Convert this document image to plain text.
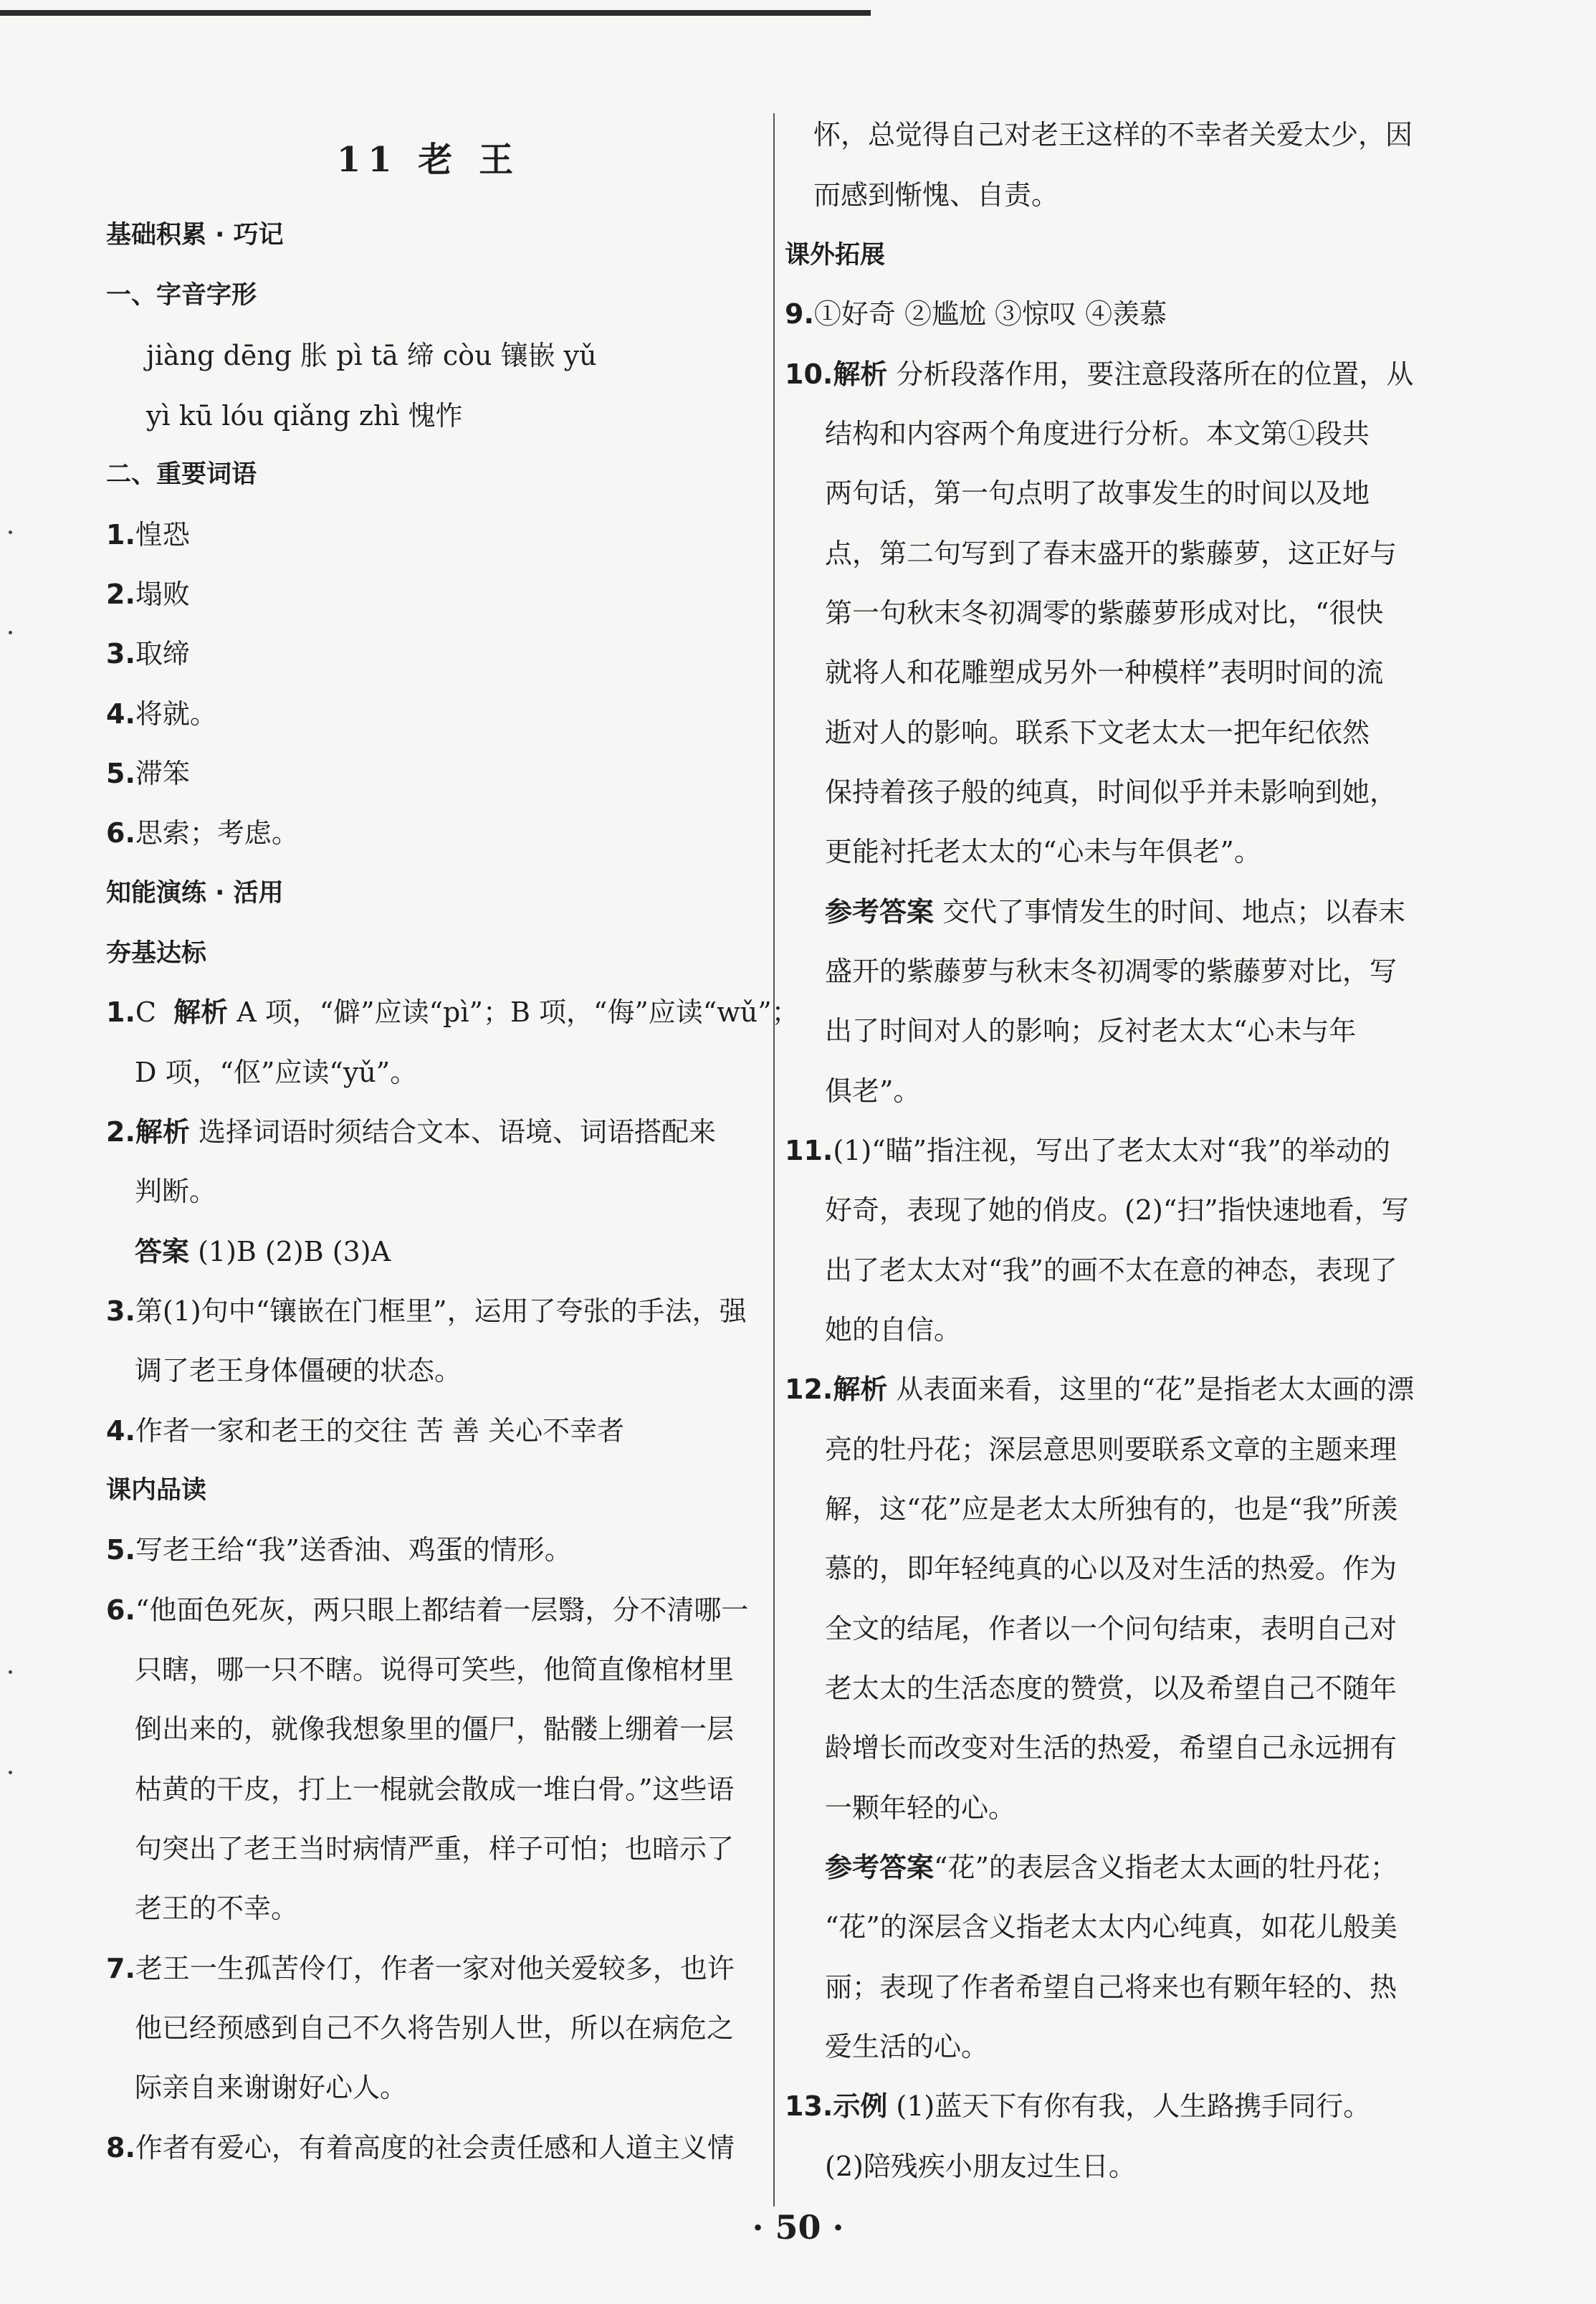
11 老 王
基础积累 · 巧记
一、字音字形
jiàng dēng 胀 pì tā 缔 còu 镶嵌 yǔ
yì kū lóu qiǎng zhì 愧怍
二、重要词语
1.惶恐
2.塌败
3.取缔
4.将就。
5.滞笨
6.思索；考虑。
知能演练 · 活用
夯基达标
1.C 解析 A 项，“僻”应读“pì”；B 项，“侮”应读“wǔ”；
D 项，“伛”应读“yǔ”。
2.解析 选择词语时须结合文本、语境、词语搭配来
判断。
答案 (1)B (2)B (3)A
3.第(1)句中“镶嵌在门框里”，运用了夸张的手法，强
调了老王身体僵硬的状态。
4.作者一家和老王的交往 苦 善 关心不幸者
课内品读
5.写老王给“我”送香油、鸡蛋的情形。
6.“他面色死灰，两只眼上都结着一层翳，分不清哪一
只瞎，哪一只不瞎。说得可笑些，他简直像棺材里
倒出来的，就像我想象里的僵尸，骷髅上绷着一层
枯黄的干皮，打上一棍就会散成一堆白骨。”这些语
句突出了老王当时病情严重，样子可怕；也暗示了
老王的不幸。
7.老王一生孤苦伶仃，作者一家对他关爱较多，也许
他已经预感到自己不久将告别人世，所以在病危之
际亲自来谢谢好心人。
8.作者有爱心，有着高度的社会责任感和人道主义情
怀，总觉得自己对老王这样的不幸者关爱太少，因
而感到惭愧、自责。
课外拓展
9.①好奇 ②尴尬 ③惊叹 ④羡慕
10.解析 分析段落作用，要注意段落所在的位置，从
结构和内容两个角度进行分析。本文第①段共
两句话，第一句点明了故事发生的时间以及地
点，第二句写到了春末盛开的紫藤萝，这正好与
第一句秋末冬初凋零的紫藤萝形成对比，“很快
就将人和花雕塑成另外一种模样”表明时间的流
逝对人的影响。联系下文老太太一把年纪依然
保持着孩子般的纯真，时间似乎并未影响到她，
更能衬托老太太的“心未与年俱老”。
参考答案 交代了事情发生的时间、地点；以春末
盛开的紫藤萝与秋末冬初凋零的紫藤萝对比，写
出了时间对人的影响；反衬老太太“心未与年
俱老”。
11.(1)“瞄”指注视，写出了老太太对“我”的举动的
好奇，表现了她的俏皮。(2)“扫”指快速地看，写
出了老太太对“我”的画不太在意的神态，表现了
她的自信。
12.解析 从表面来看，这里的“花”是指老太太画的漂
亮的牡丹花；深层意思则要联系文章的主题来理
解，这“花”应是老太太所独有的，也是“我”所羡
慕的，即年轻纯真的心以及对生活的热爱。作为
全文的结尾，作者以一个问句结束，表明自己对
老太太的生活态度的赞赏，以及希望自己不随年
龄增长而改变对生活的热爱，希望自己永远拥有
一颗年轻的心。
参考答案“花”的表层含义指老太太画的牡丹花；
“花”的深层含义指老太太内心纯真，如花儿般美
丽；表现了作者希望自己将来也有颗年轻的、热
爱生活的心。
13.示例 (1)蓝天下有你有我，人生路携手同行。
(2)陪残疾小朋友过生日。
· 50 ·
